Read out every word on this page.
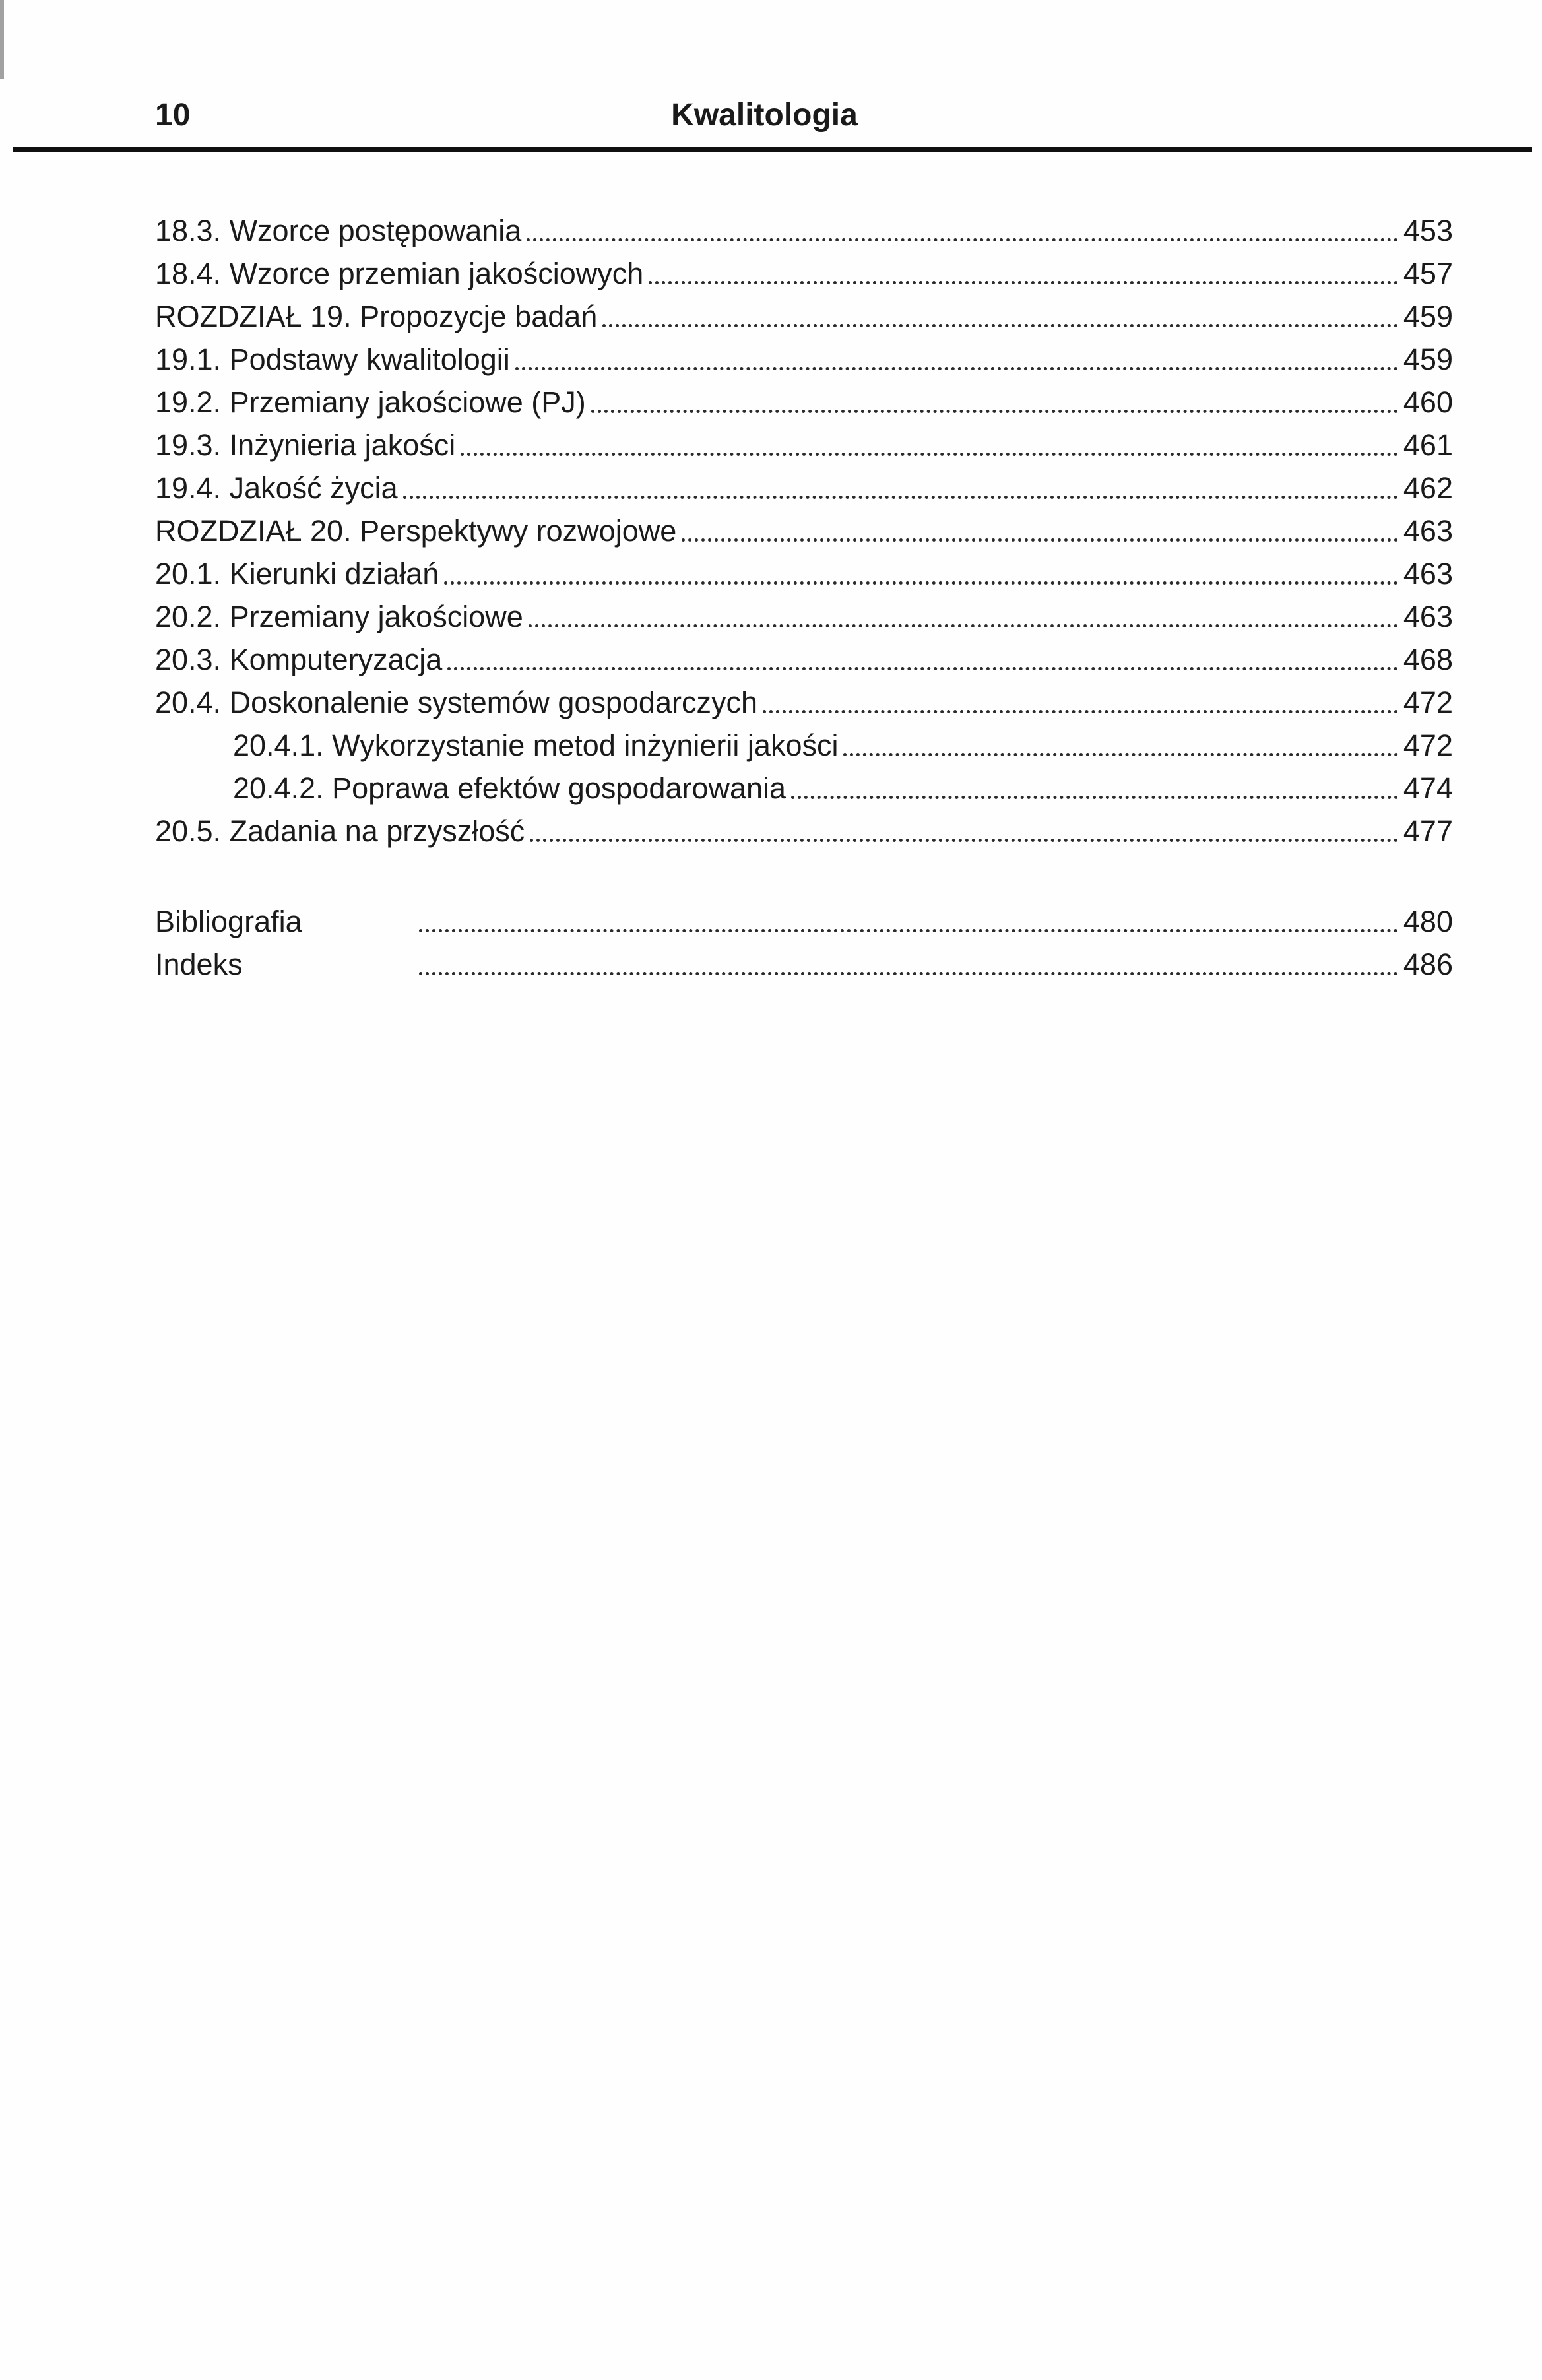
10	Kwalitologia
18.3. Wzorce postępowania	453
18.4. Wzorce przemian jakościowych	457
ROZDZIAŁ 19. Propozycje badań	459
19.1. Podstawy kwalitologii	459
19.2. Przemiany jakościowe (PJ)	460
19.3. Inżynieria jakości	461
19.4. Jakość życia	462
ROZDZIAŁ 20. Perspektywy rozwojowe	463
20.1. Kierunki działań	463
20.2. Przemiany jakościowe	463
20.3. Komputeryzacja	468
20.4. Doskonalenie systemów gospodarczych	472
20.4.1. Wykorzystanie metod inżynierii jakości	472
20.4.2. Poprawa efektów gospodarowania	474
20.5. Zadania na przyszłość	477
Bibliografia	480
Indeks	486
